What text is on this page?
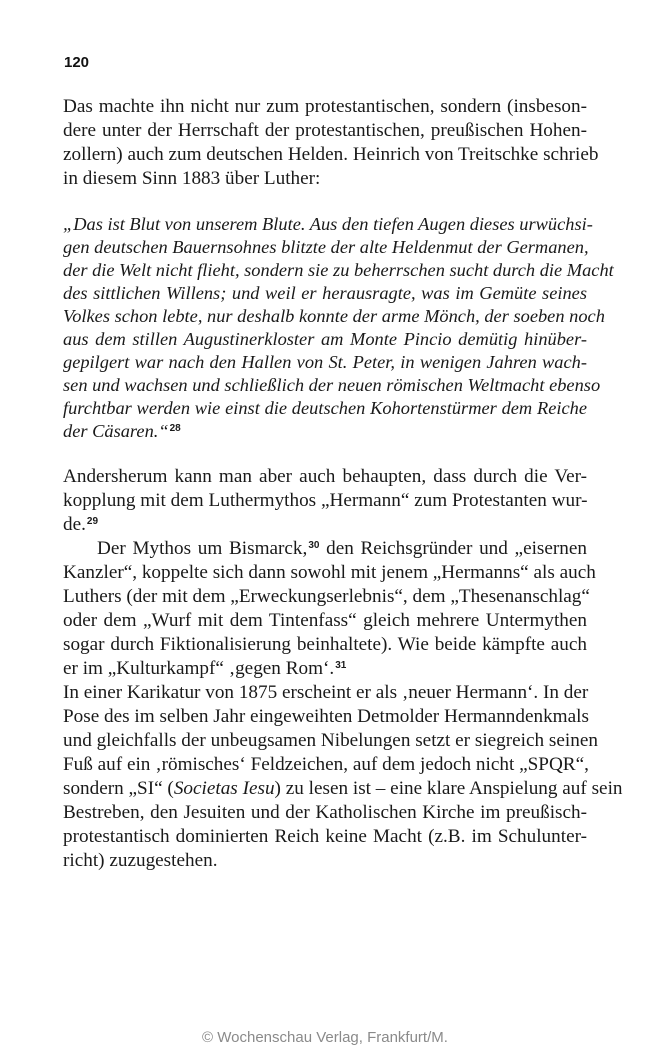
120
Das machte ihn nicht nur zum protestantischen, sondern (insbeson-
dere unter der Herrschaft der protestantischen, preußischen Hohen-
zollern) auch zum deutschen Helden. Heinrich von Treitschke schrieb
in diesem Sinn 1883 über Luther:
„Das ist Blut von unserem Blute. Aus den tiefen Augen dieses urwüchsi-
gen deutschen Bauernsohnes blitzte der alte Heldenmut der Germanen,
der die Welt nicht flieht, sondern sie zu beherrschen sucht durch die Macht
des sittlichen Willens; und weil er herausragte, was im Gemüte seines
Volkes schon lebte, nur deshalb konnte der arme Mönch, der soeben noch
aus dem stillen Augustinerkloster am Monte Pincio demütig hinüber-
gepilgert war nach den Hallen von St. Peter, in wenigen Jahren wach-
sen und wachsen und schließlich der neuen römischen Weltmacht ebenso
furchtbar werden wie einst die deutschen Kohortenstürmer dem Reiche
der Cäsaren.“$^{28}$
Andersherum kann man aber auch behaupten, dass durch die Ver-
kopplung mit dem Luthermythos „Hermann“ zum Protestanten wur-
de.$^{29}$
Der Mythos um Bismarck,$^{30}$ den Reichsgründer und „eisernen
Kanzler“, koppelte sich dann sowohl mit jenem „Hermanns“ als auch
Luthers (der mit dem „Erweckungserlebnis“, dem „Thesenanschlag“
oder dem „Wurf mit dem Tintenfass“ gleich mehrere Untermythen
sogar durch Fiktionalisierung beinhaltete). Wie beide kämpfte auch
er im „Kulturkampf“ ‚gegen Rom‘.$^{31}$
In einer Karikatur von 1875 erscheint er als ‚neuer Hermann‘. In der
Pose des im selben Jahr eingeweihten Detmolder Hermanndenkmals
und gleichfalls der unbeugsamen Nibelungen setzt er siegreich seinen
Fuß auf ein ‚römisches‘ Feldzeichen, auf dem jedoch nicht „SPQR“,
sondern „SI“ (Societas Iesu) zu lesen ist – eine klare Anspielung auf sein
Bestreben, den Jesuiten und der Katholischen Kirche im preußisch-
protestantisch dominierten Reich keine Macht (z.B. im Schulunter-
richt) zuzugestehen.
© Wochenschau Verlag, Frankfurt/M.
